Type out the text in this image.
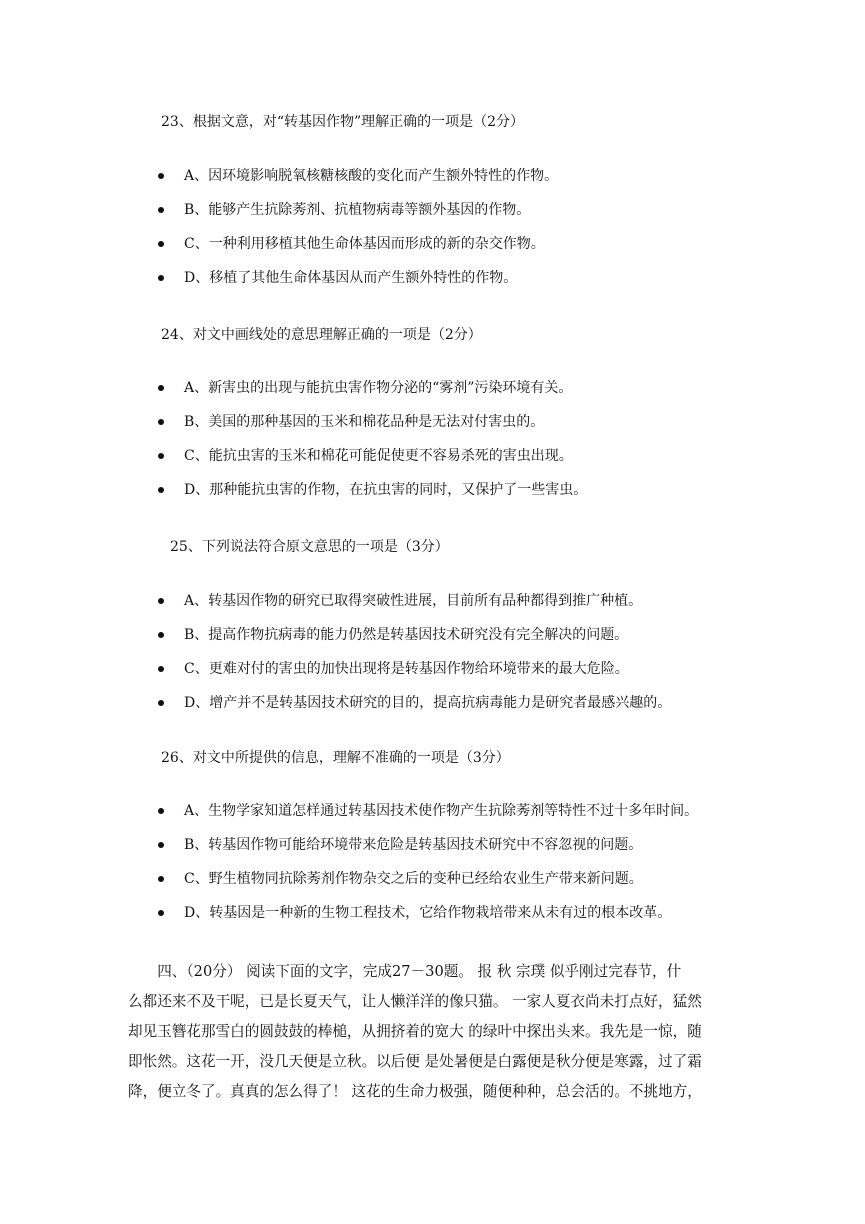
23、根据文意，对“转基因作物”理解正确的一项是（2分）
A、因环境影响脱氧核糖核酸的变化而产生额外特性的作物。
B、能够产生抗除莠剂、抗植物病毒等额外基因的作物。
C、一种利用移植其他生命体基因而形成的新的杂交作物。
D、移植了其他生命体基因从而产生额外特性的作物。
24、对文中画线处的意思理解正确的一项是（2分）
A、新害虫的出现与能抗虫害作物分泌的“雾剂”污染环境有关。
B、美国的那种基因的玉米和棉花品种是无法对付害虫的。
C、能抗虫害的玉米和棉花可能促使更不容易杀死的害虫出现。
D、那种能抗虫害的作物，在抗虫害的同时，又保护了一些害虫。
25、下列说法符合原文意思的一项是（3分）
A、转基因作物的研究已取得突破性进展，目前所有品种都得到推广种植。
B、提高作物抗病毒的能力仍然是转基因技术研究没有完全解决的问题。
C、更难对付的害虫的加快出现将是转基因作物给环境带来的最大危险。
D、增产并不是转基因技术研究的目的，提高抗病毒能力是研究者最感兴趣的。
26、对文中所提供的信息，理解不准确的一项是（3分）
A、生物学家知道怎样通过转基因技术使作物产生抗除莠剂等特性不过十多年时间。
B、转基因作物可能给环境带来危险是转基因技术研究中不容忽视的问题。
C、野生植物同抗除莠剂作物杂交之后的变种已经给农业生产带来新问题。
D、转基因是一种新的生物工程技术，它给作物栽培带来从未有过的根本改革。

　　四、（20分） 阅读下面的文字，完成27－30题。 报 秋 宗璞 似乎刚过完春节，什

么都还来不及干呢，已是长夏天气，让人懒洋洋的像只猫。 一家人夏衣尚未打点好，猛然

却见玉簪花那雪白的圆鼓鼓的棒槌，从拥挤着的宽大 的绿叶中探出头来。我先是一惊，随

即怅然。这花一开，没几天便是立秋。以后便 是处暑便是白露便是秋分便是寒露，过了霜

降，便立冬了。真真的怎么得了！ 这花的生命力极强，随便种种，总会活的。不挑地方，
